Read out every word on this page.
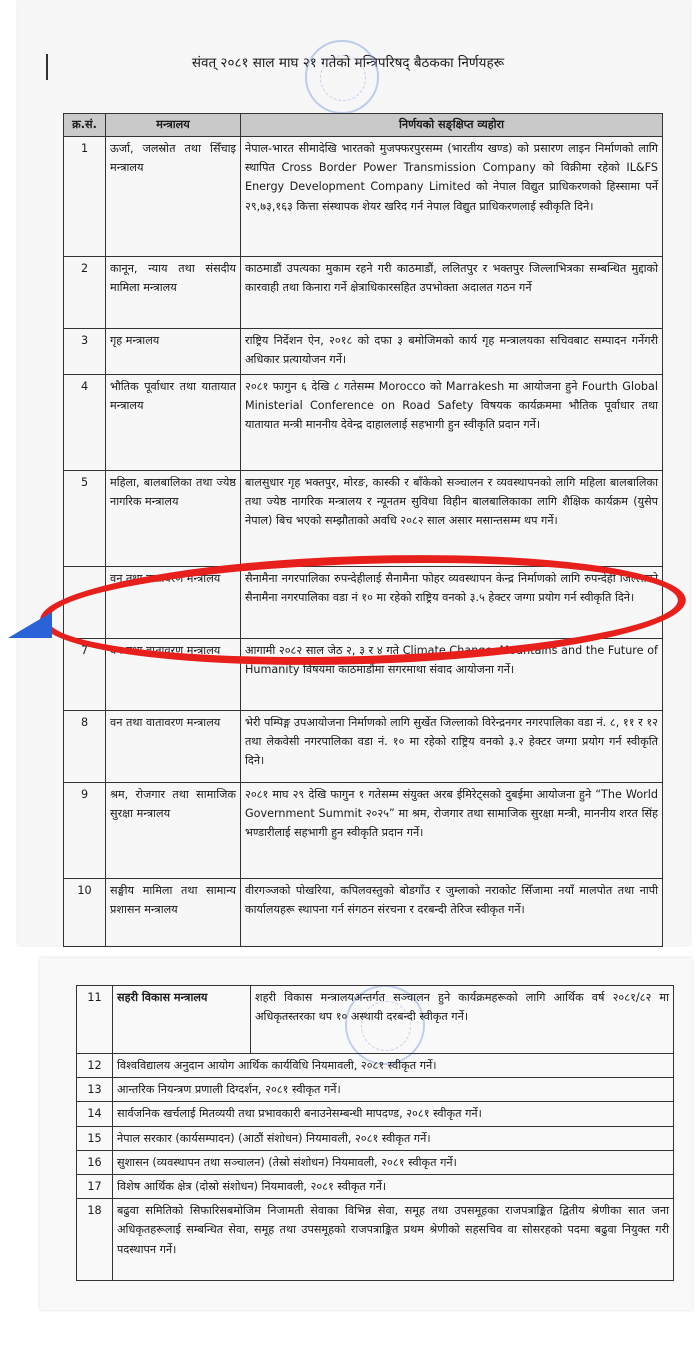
संवत् २०८१ साल माघ २१ गतेको मन्त्रिपरिषद् बैठकका निर्णयहरू
क्र.सं.	मन्त्रालय	निर्णयको सङ्क्षिप्त व्यहोरा
1	ऊर्जा, जलस्रोत तथा सिँचाइ मन्त्रालय	नेपाल-भारत सीमादेखि भारतको मुजफ्फरपुरसम्म (भारतीय खण्ड) को प्रसारण लाइन निर्माणको लागि स्थापित Cross Border Power Transmission Company को विक्रीमा रहेको IL&FS Energy Development Company Limited को नेपाल विद्युत प्राधिकरणको हिस्सामा पर्ने २९,७३,१६३ कित्ता संस्थापक शेयर खरिद गर्न नेपाल विद्युत प्राधिकरणलाई स्वीकृति दिने।
2	कानून, न्याय तथा संसदीय मामिला मन्त्रालय	काठमाडौं उपत्यका मुकाम रहने गरी काठमाडौं, ललितपुर र भक्तपुर जिल्लाभित्रका सम्बन्धित मुद्दाको कारवाही तथा किनारा गर्ने क्षेत्राधिकारसहित उपभोक्ता अदालत गठन गर्ने
3	गृह मन्त्रालय	राष्ट्रिय निर्देशन ऐन, २०१८ को दफा ३ बमोजिमको कार्य गृह मन्त्रालयका सचिवबाट सम्पादन गर्नेगरी अधिकार प्रत्यायोजन गर्ने।
4	भौतिक पूर्वाधार तथा यातायात मन्त्रालय	२०८१ फागुन ६ देखि ८ गतेसम्म Morocco को Marrakesh मा आयोजना हुने Fourth Global Ministerial Conference on Road Safety विषयक कार्यक्रममा भौतिक पूर्वाधार तथा यातायात मन्त्री माननीय देवेन्द्र दाहाललाई सहभागी हुन स्वीकृति प्रदान गर्ने।
5	महिला, बालबालिका तथा ज्येष्ठ नागरिक मन्त्रालय	बालसुधार गृह भक्तपुर, मोरङ, कास्की र बाँकेको सञ्चालन र व्यवस्थापनको लागि महिला बालबालिका तथा ज्येष्ठ नागरिक मन्त्रालय र न्यूनतम सुविधा विहीन बालबालिकाका लागि शैक्षिक कार्यक्रम (युसेप नेपाल) बिच भएको सम्झौताको अवधि २०८२ साल असार मसान्तसम्म थप गर्ने।
	वन तथा वातावरण मन्त्रालय	सैनामैना नगरपालिका रुपन्देहीलाई सैनामैना फोहर व्यवस्थापन केन्द्र निर्माणको लागि रुपन्देही जिल्लाको सैनामैना नगरपालिका वडा नं १० मा रहेको राष्ट्रिय वनको ३.५ हेक्टर जग्गा प्रयोग गर्न स्वीकृति दिने।
7	वन तथा वातावरण मन्त्रालय	आगामी २०८२ साल जेठ २, ३ र ४ गते Climate Change, Mountains and the Future of Humanity विषयमा काठमाडौंमा सगरमाथा संवाद आयोजना गर्ने।
8	वन तथा वातावरण मन्त्रालय	भेरी पम्पिङ्ग उपआयोजना निर्माणको लागि सुर्खेत जिल्लाको विरेन्द्रनगर नगरपालिका वडा नं. ८, ११ र १२ तथा लेकवेसी नगरपालिका वडा नं. १० मा रहेको राष्ट्रिय वनको ३.२ हेक्टर जग्गा प्रयोग गर्न स्वीकृति दिने।
9	श्रम, रोजगार तथा सामाजिक सुरक्षा मन्त्रालय	२०८१ माघ २९ देखि फागुन १ गतेसम्म संयुक्त अरब ईमिरेट्सको दुबईमा आयोजना हुने “The World Government Summit २०२५” मा श्रम, रोजगार तथा सामाजिक सुरक्षा मन्त्री, माननीय शरत सिंह भण्डारीलाई सहभागी हुन स्वीकृति प्रदान गर्ने।
10	सङ्घीय मामिला तथा सामान्य प्रशासन मन्त्रालय	वीरगञ्जको पोखरिया, कपिलवस्तुको बोडगाँउ र जुम्लाको नराकोट सिँजामा नयाँ मालपोत तथा नापी कार्यालयहरू स्थापना गर्न संगठन संरचना र दरबन्दी तेरिज स्वीकृत गर्ने।
11	सहरी विकास मन्त्रालय	शहरी विकास मन्त्रालयअन्तर्गत सञ्चालन हुने कार्यक्रमहरूको लागि आर्थिक वर्ष २०८१/८२ मा अधिकृतस्तरका थप १० अस्थायी दरबन्दी स्वीकृत गर्ने।
12	विश्वविद्यालय अनुदान आयोग आर्थिक कार्यविधि नियमावली, २०८१ स्वीकृत गर्ने।	
13	आन्तरिक नियन्त्रण प्रणाली दिग्दर्शन, २०८१ स्वीकृत गर्ने।	
14	सार्वजनिक खर्चलाई मितव्ययी तथा प्रभावकारी बनाउनेसम्बन्धी मापदण्ड, २०८१ स्वीकृत गर्ने।	
15	नेपाल सरकार (कार्यसम्पादन) (आठौं संशोधन) नियमावली, २०८१ स्वीकृत गर्ने।	
16	सुशासन (व्यवस्थापन तथा सञ्चालन) (तेस्रो संशोधन) नियमावली, २०८१ स्वीकृत गर्ने।	
17	विशेष आर्थिक क्षेत्र (दोस्रो संशोधन) नियमावली, २०८१ स्वीकृत गर्ने।	
18	बढुवा समितिको सिफारिसबमोजिम निजामती सेवाका विभिन्न सेवा, समूह तथा उपसमूहका राजपत्राङ्कित द्वितीय श्रेणीका सात जना अधिकृतहरूलाई सम्बन्धित सेवा, समूह तथा उपसमूहको राजपत्राङ्कित प्रथम श्रेणीको सहसचिव वा सोसरहको पदमा बढुवा नियुक्त गरी पदस्थापन गर्ने।	
